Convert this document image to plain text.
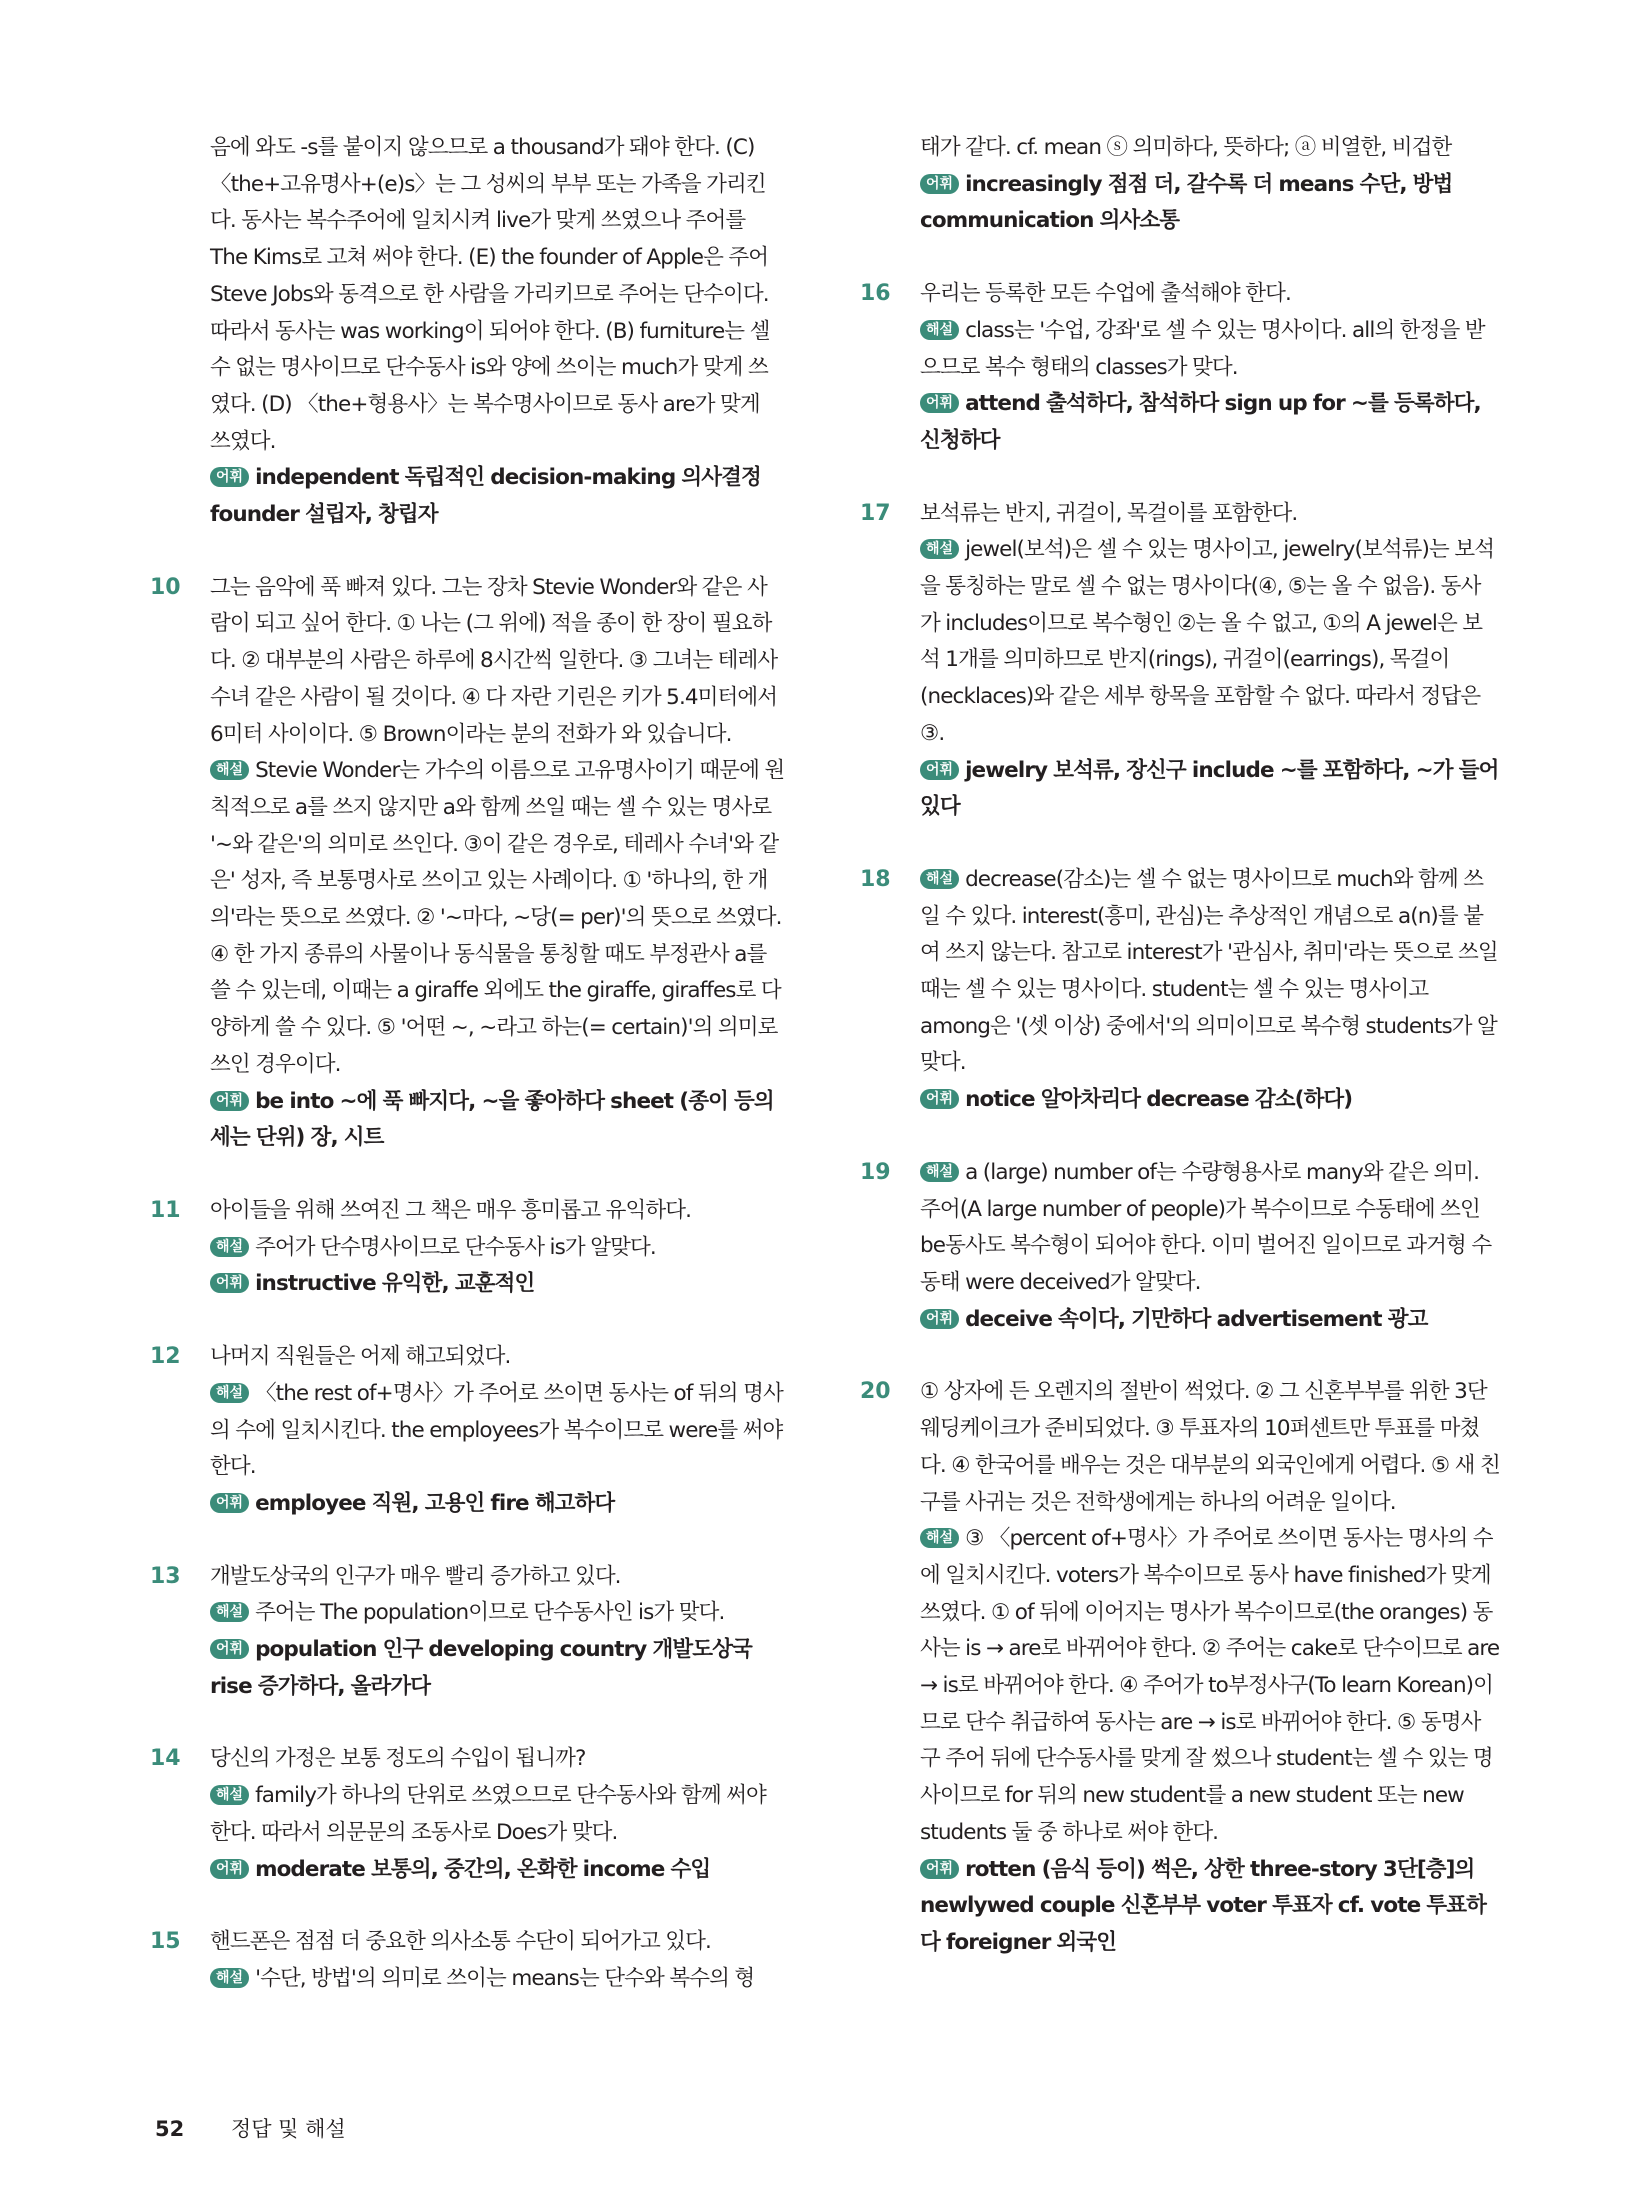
음에 와도 -s를 붙이지 않으므로 a thousand가 돼야 한다. (C) 〈the+고유명사+(e)s〉는 그 성씨의 부부 또는 가족을 가리킨다. 동사는 복수주어에 일치시켜 live가 맞게 쓰였으나 주어를 The Kims로 고쳐 써야 한다. (E) the founder of Apple은 주어 Steve Jobs와 동격으로 한 사람을 가리키므로 주어는 단수이다. 따라서 동사는 was working이 되어야 한다. (B) furniture는 셀 수 없는 명사이므로 단수동사 is와 양에 쓰이는 much가 맞게 쓰였다. (D) 〈the+형용사〉는 복수명사이므로 동사 are가 맞게 쓰였다.

어휘 independent 독립적인 decision-making 의사결정 founder 설립자, 창립자

10	그는 음악에 푹 빠져 있다. 그는 장차 Stevie Wonder와 같은 사람이 되고 싶어 한다. ① 나는 (그 위에) 적을 종이 한 장이 필요하다. ② 대부분의 사람은 하루에 8시간씩 일한다. ③ 그녀는 테레사 수녀 같은 사람이 될 것이다. ④ 다 자란 기린은 키가 5.4미터에서 6미터 사이이다. ⑤ Brown이라는 분의 전화가 와 있습니다.

해설 Stevie Wonder는 가수의 이름으로 고유명사이기 때문에 원칙적으로 a를 쓰지 않지만 a와 함께 쓰일 때는 셀 수 있는 명사로 '~와 같은'의 의미로 쓰인다. ③이 같은 경우로, 테레사 수녀'와 같은' 성자, 즉 보통명사로 쓰이고 있는 사례이다. ① '하나의, 한 개의'라는 뜻으로 쓰였다. ② '~마다, ~당(= per)'의 뜻으로 쓰였다. ④ 한 가지 종류의 사물이나 동식물을 통칭할 때도 부정관사 a를 쓸 수 있는데, 이때는 a giraffe 외에도 the giraffe, giraffes로 다양하게 쓸 수 있다. ⑤ '어떤 ~, ~라고 하는(= certain)'의 의미로 쓰인 경우이다.

어휘 be into ~에 푹 빠지다, ~을 좋아하다 sheet (종이 등의 세는 단위) 장, 시트

11	아이들을 위해 쓰여진 그 책은 매우 흥미롭고 유익하다.

해설 주어가 단수명사이므로 단수동사 is가 알맞다.

어휘 instructive 유익한, 교훈적인

12	나머지 직원들은 어제 해고되었다.

해설 〈the rest of+명사〉가 주어로 쓰이면 동사는 of 뒤의 명사의 수에 일치시킨다. the employees가 복수이므로 were를 써야 한다.

어휘 employee 직원, 고용인 fire 해고하다

13	개발도상국의 인구가 매우 빨리 증가하고 있다.

해설 주어는 The population이므로 단수동사인 is가 맞다.

어휘 population 인구 developing country 개발도상국 rise 증가하다, 올라가다

14	당신의 가정은 보통 정도의 수입이 됩니까?

해설 family가 하나의 단위로 쓰였으므로 단수동사와 함께 써야 한다. 따라서 의문문의 조동사로 Does가 맞다.

어휘 moderate 보통의, 중간의, 온화한 income 수입

15	핸드폰은 점점 더 중요한 의사소통 수단이 되어가고 있다.

해설 '수단, 방법'의 의미로 쓰이는 means는 단수와 복수의 형

태가 같다. cf. mean ⓢ 의미하다, 뜻하다; ⓐ 비열한, 비겁한

어휘 increasingly 점점 더, 갈수록 더 means 수단, 방법 communication 의사소통

16	우리는 등록한 모든 수업에 출석해야 한다.

해설 class는 '수업, 강좌'로 셀 수 있는 명사이다. all의 한정을 받으므로 복수 형태의 classes가 맞다.

어휘 attend 출석하다, 참석하다 sign up for ~를 등록하다, 신청하다

17	보석류는 반지, 귀걸이, 목걸이를 포함한다.

해설 jewel(보석)은 셀 수 있는 명사이고, jewelry(보석류)는 보석을 통칭하는 말로 셀 수 없는 명사이다(④, ⑤는 올 수 없음). 동사가 includes이므로 복수형인 ②는 올 수 없고, ①의 A jewel은 보석 1개를 의미하므로 반지(rings), 귀걸이(earrings), 목걸이(necklaces)와 같은 세부 항목을 포함할 수 없다. 따라서 정답은 ③.

어휘 jewelry 보석류, 장신구 include ~를 포함하다, ~가 들어 있다

18	해설 decrease(감소)는 셀 수 없는 명사이므로 much와 함께 쓰일 수 있다. interest(흥미, 관심)는 추상적인 개념으로 a(n)를 붙여 쓰지 않는다. 참고로 interest가 '관심사, 취미'라는 뜻으로 쓰일 때는 셀 수 있는 명사이다. student는 셀 수 있는 명사이고 among은 '(셋 이상) 중에서'의 의미이므로 복수형 students가 알맞다.

어휘 notice 알아차리다 decrease 감소(하다)

19	해설 a (large) number of는 수량형용사로 many와 같은 의미. 주어(A large number of people)가 복수이므로 수동태에 쓰인 be동사도 복수형이 되어야 한다. 이미 벌어진 일이므로 과거형 수동태 were deceived가 알맞다.

어휘 deceive 속이다, 기만하다 advertisement 광고

20	① 상자에 든 오렌지의 절반이 썩었다. ② 그 신혼부부를 위한 3단 웨딩케이크가 준비되었다. ③ 투표자의 10퍼센트만 투표를 마쳤다. ④ 한국어를 배우는 것은 대부분의 외국인에게 어렵다. ⑤ 새 친구를 사귀는 것은 전학생에게는 하나의 어려운 일이다.

해설 ③ 〈percent of+명사〉가 주어로 쓰이면 동사는 명사의 수에 일치시킨다. voters가 복수이므로 동사 have finished가 맞게 쓰였다. ① of 뒤에 이어지는 명사가 복수이므로(the oranges) 동사는 is → are로 바뀌어야 한다. ② 주어는 cake로 단수이므로 are → is로 바뀌어야 한다. ④ 주어가 to부정사구(To learn Korean)이므로 단수 취급하여 동사는 are → is로 바뀌어야 한다. ⑤ 동명사구 주어 뒤에 단수동사를 맞게 잘 썼으나 student는 셀 수 있는 명사이므로 for 뒤의 new student를 a new student 또는 new students 둘 중 하나로 써야 한다.

어휘 rotten (음식 등이) 썩은, 상한 three-story 3단[층]의 newlywed couple 신혼부부 voter 투표자 cf. vote 투표하다 foreigner 외국인

52 정답 및 해설
